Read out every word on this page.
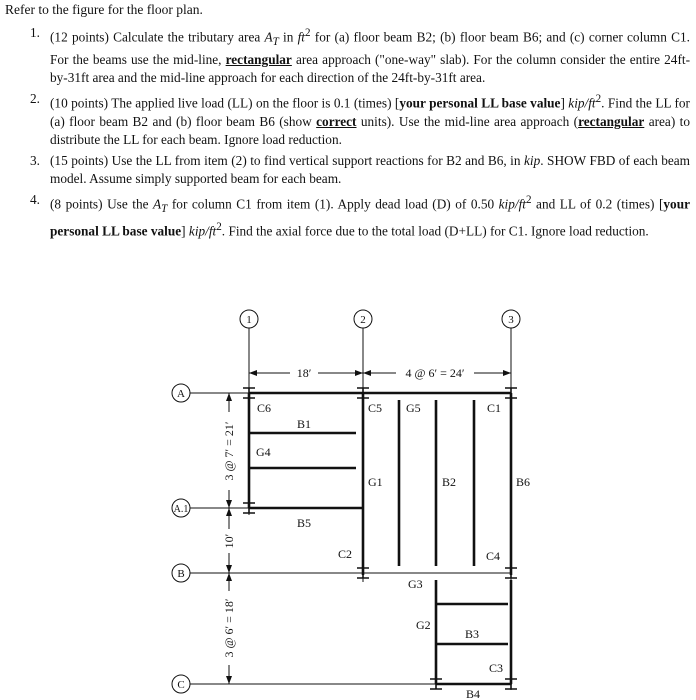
Refer to the figure for the floor plan.
1. (12 points) Calculate the tributary area $A_T$ in $ft^2$ for (a) floor beam B2; (b) floor beam B6; and (c) corner column C1. For the beams use the mid-line, rectangular area approach ("one-way" slab). For the column consider the entire 24ft-by-31ft area and the mid-line approach for each direction of the 24ft-by-31ft area.
2. (10 points) The applied live load (LL) on the floor is 0.1 (times) [your personal LL base value] kip/$ft^2$. Find the LL for (a) floor beam B2 and (b) floor beam B6 (show correct units). Use the mid-line area approach (rectangular area) to distribute the LL for each beam. Ignore load reduction.
3. (15 points) Use the LL from item (2) to find vertical support reactions for B2 and B6, in kip. SHOW FBD of each beam model. Assume simply supported beam for each beam.
4. (8 points) Use the $A_T$ for column C1 from item (1). Apply dead load (D) of 0.50 kip/$ft^2$ and LL of 0.2 (times) [your personal LL base value] kip/$ft^2$. Find the axial force due to the total load (D+LL) for C1. Ignore load reduction.
18′	4 @ 6′ = 24′
3 @ 7′ = 21′
10′
3 @ 6′ = 18′
1	2	3
A
A.1
B
C
C6	C5 G5	C1
B1
G4
G1	B2	B6
B5
C2	C4
G3
G2
B3
C3
B4
